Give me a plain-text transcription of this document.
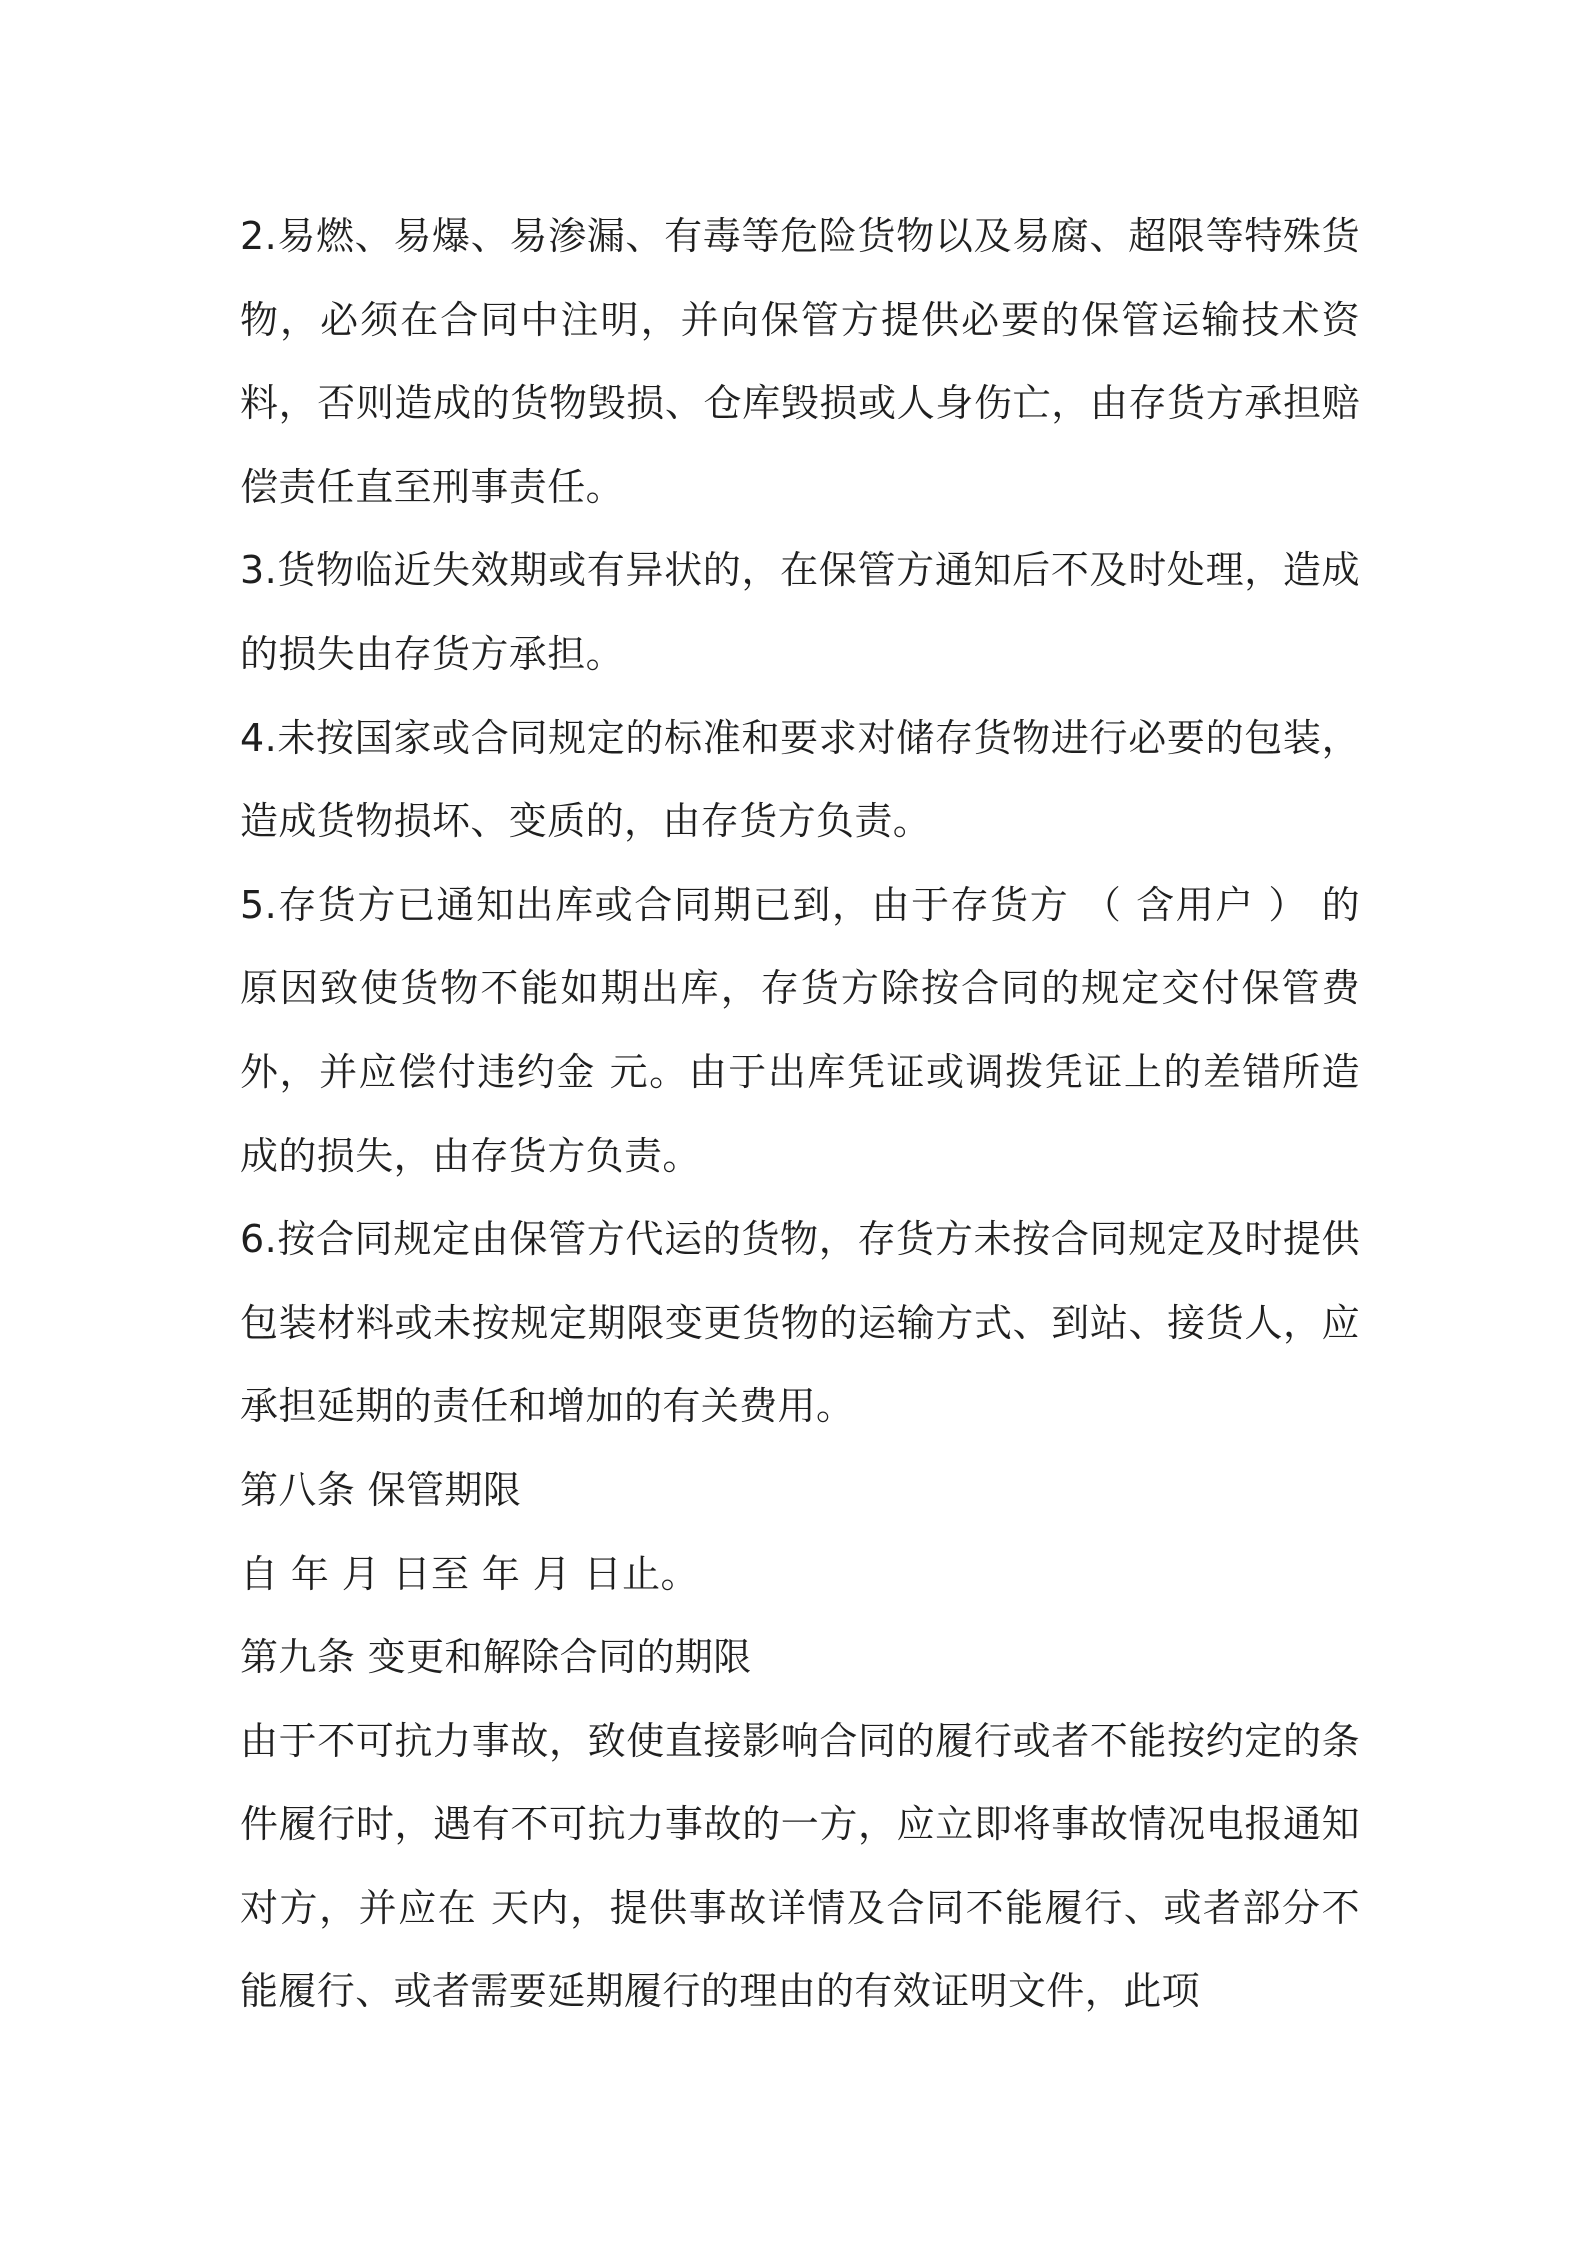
2.易燃、易爆、易渗漏、有毒等危险货物以及易腐、超限等特殊货物，必须在合同中注明，并向保管方提供必要的保管运输技术资料，否则造成的货物毁损、仓库毁损或人身伤亡，由存货方承担赔偿责任直至刑事责任。

3.货物临近失效期或有异状的，在保管方通知后不及时处理，造成的损失由存货方承担。

4.未按国家或合同规定的标准和要求对储存货物进行必要的包装，造成货物损坏、变质的，由存货方负责。

5.存货方已通知出库或合同期已到，由于存货方 （ 含用户 ） 的原因致使货物不能如期出库，存货方除按合同的规定交付保管费外，并应偿付违约金 元。由于出库凭证或调拨凭证上的差错所造成的损失，由存货方负责。

6.按合同规定由保管方代运的货物，存货方未按合同规定及时提供包装材料或未按规定期限变更货物的运输方式、到站、接货人，应承担延期的责任和增加的有关费用。

第八条 保管期限

自 年 月 日至 年 月 日止。

第九条 变更和解除合同的期限

由于不可抗力事故，致使直接影响合同的履行或者不能按约定的条件履行时，遇有不可抗力事故的一方，应立即将事故情况电报通知对方，并应在 天内，提供事故详情及合同不能履行、或者部分不能履行、或者需要延期履行的理由的有效证明文件，此项
